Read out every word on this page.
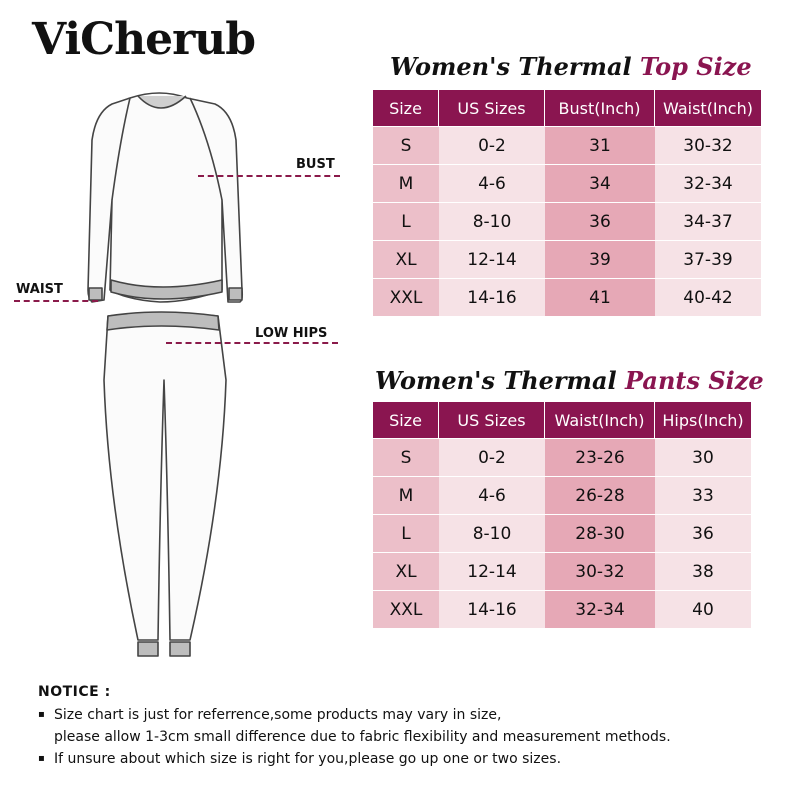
ViCherub
BUST
WAIST
LOW HIPS
Women's Thermal Top Size
Size	US Sizes	Bust(Inch)	Waist(Inch)
S	0-2	31	30-32
M	4-6	34	32-34
L	8-10	36	34-37
XL	12-14	39	37-39
XXL	14-16	41	40-42
Women's Thermal Pants Size
Size	US Sizes	Waist(Inch)	Hips(Inch)
S	0-2	23-26	30
M	4-6	26-28	33
L	8-10	28-30	36
XL	12-14	30-32	38
XXL	14-16	32-34	40
NOTICE :
▪ Size chart is just for referrence,some products may vary in size,
please allow 1-3cm small difference due to fabric flexibility and measurement methods.
▪ If unsure about which size is right for you,please go up one or two sizes.
